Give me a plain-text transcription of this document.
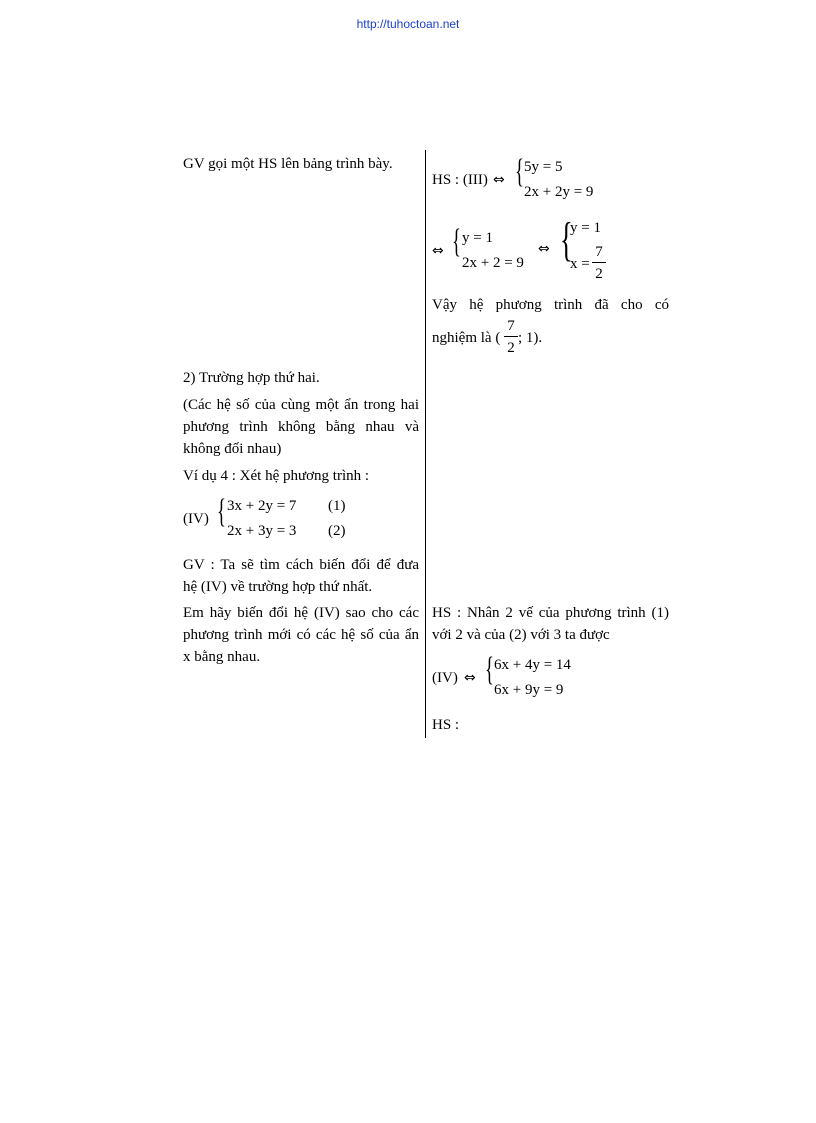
http://tuhoctoan.net
GV gọi một HS lên bảng trình bày.
2) Trường hợp thứ hai.
(Các hệ số của cùng một ẩn trong hai
phương trình không bằng nhau và
không đối nhau)
Ví dụ 4 : Xét hệ phương trình :
(IV) { 3x + 2y = 7 (1)
2x + 3y = 3 (2)
GV : Ta sẽ tìm cách biến đổi để đưa
hệ (IV) về trường hợp thứ nhất.
Em hãy biến đổi hệ (IV) sao cho các
phương trình mới có các hệ số của ẩn
x bằng nhau.
HS : (III) ⇔ { 5y = 5
2x + 2y = 9
⇔ { y = 1
2x + 2 = 9
⇔ {
y = 1
x =
7
2
Vậy hệ phương trình đã cho có
nghiệm là (
7
2
; 1).
HS : Nhân 2 vế của phương trình (1)
với 2 và của (2) với 3 ta được
(IV) ⇔ { 6x + 4y = 14
6x + 9y = 9
HS :
